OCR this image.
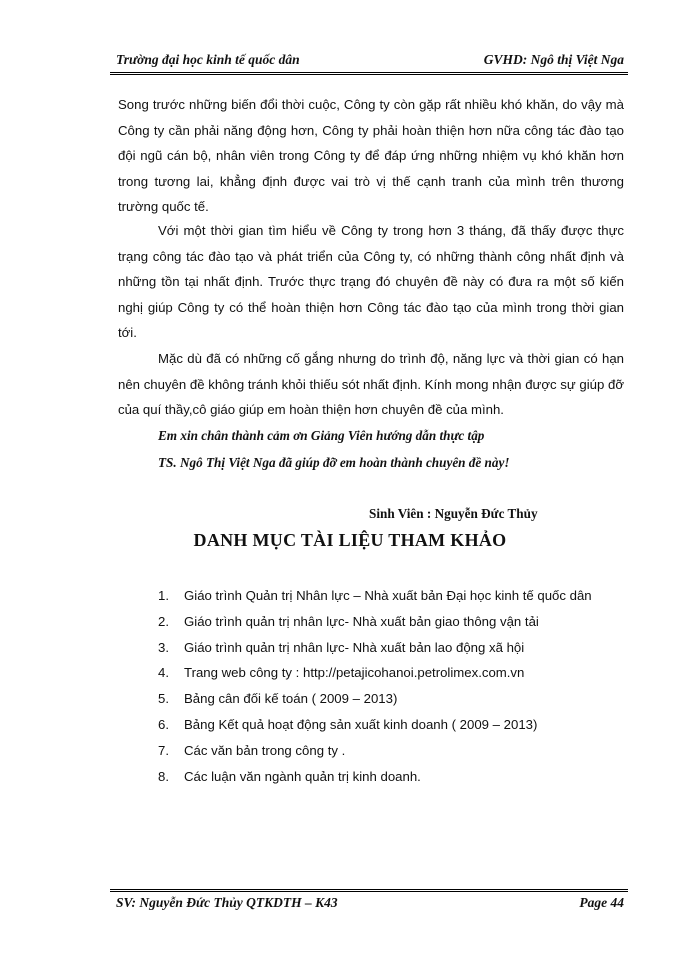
Trường đại học kinh tế quốc dân	GVHD: Ngô thị Việt Nga
Song trước những biến đổi thời cuộc, Công ty còn gặp rất nhiều khó khăn, do vậy mà Công ty cần phải năng động hơn, Công ty phải hoàn thiện hơn nữa công tác đào tạo đội ngũ cán bộ, nhân viên trong Công ty để đáp ứng những nhiệm vụ khó khăn hơn trong tương lai, khẳng định được vai trò vị thế cạnh tranh của mình trên thương trường quốc tế.
Với một thời gian tìm hiểu về Công ty trong hơn 3 tháng, đã thấy được thực trạng công tác đào tạo và phát triển của Công ty, có những thành công nhất định và những tồn tại nhất định. Trước thực trạng đó chuyên đề này có đưa ra một số kiến nghị giúp Công ty có thể hoàn thiện hơn Công tác đào tạo của mình trong thời gian tới.
Mặc dù đã có những cố gắng nhưng do trình độ, năng lực và thời gian có hạn nên chuyên đề không tránh khỏi thiếu sót nhất định. Kính mong nhận được sự giúp đỡ của quí thầy,cô giáo giúp em hoàn thiện hơn chuyên đề của mình.
Em xin chân thành cảm ơn Giảng Viên hướng dẫn thực tập
TS. Ngô Thị Việt Nga đã giúp đỡ em hoàn thành chuyên đề này!
Sinh Viên : Nguyễn Đức Thủy
DANH MỤC TÀI LIỆU THAM KHẢO
1.	Giáo trình Quản trị Nhân lực – Nhà xuất bản Đại học kinh tế quốc dân
2.	Giáo trình quản trị nhân lực- Nhà xuất bản giao thông vận tải
3.	Giáo trình quản trị nhân lực- Nhà xuất bản lao động xã hội
4.	Trang web công ty : http://petajicohanoi.petrolimex.com.vn
5.	Bảng cân đối kế toán ( 2009 – 2013)
6.	Bảng Kết quả hoạt động sản xuất kinh doanh ( 2009 – 2013)
7.	Các văn bản trong công ty .
8.	Các luận văn ngành quản trị kinh doanh.
SV: Nguyễn Đức Thủy QTKDTH – K43	Page 44
